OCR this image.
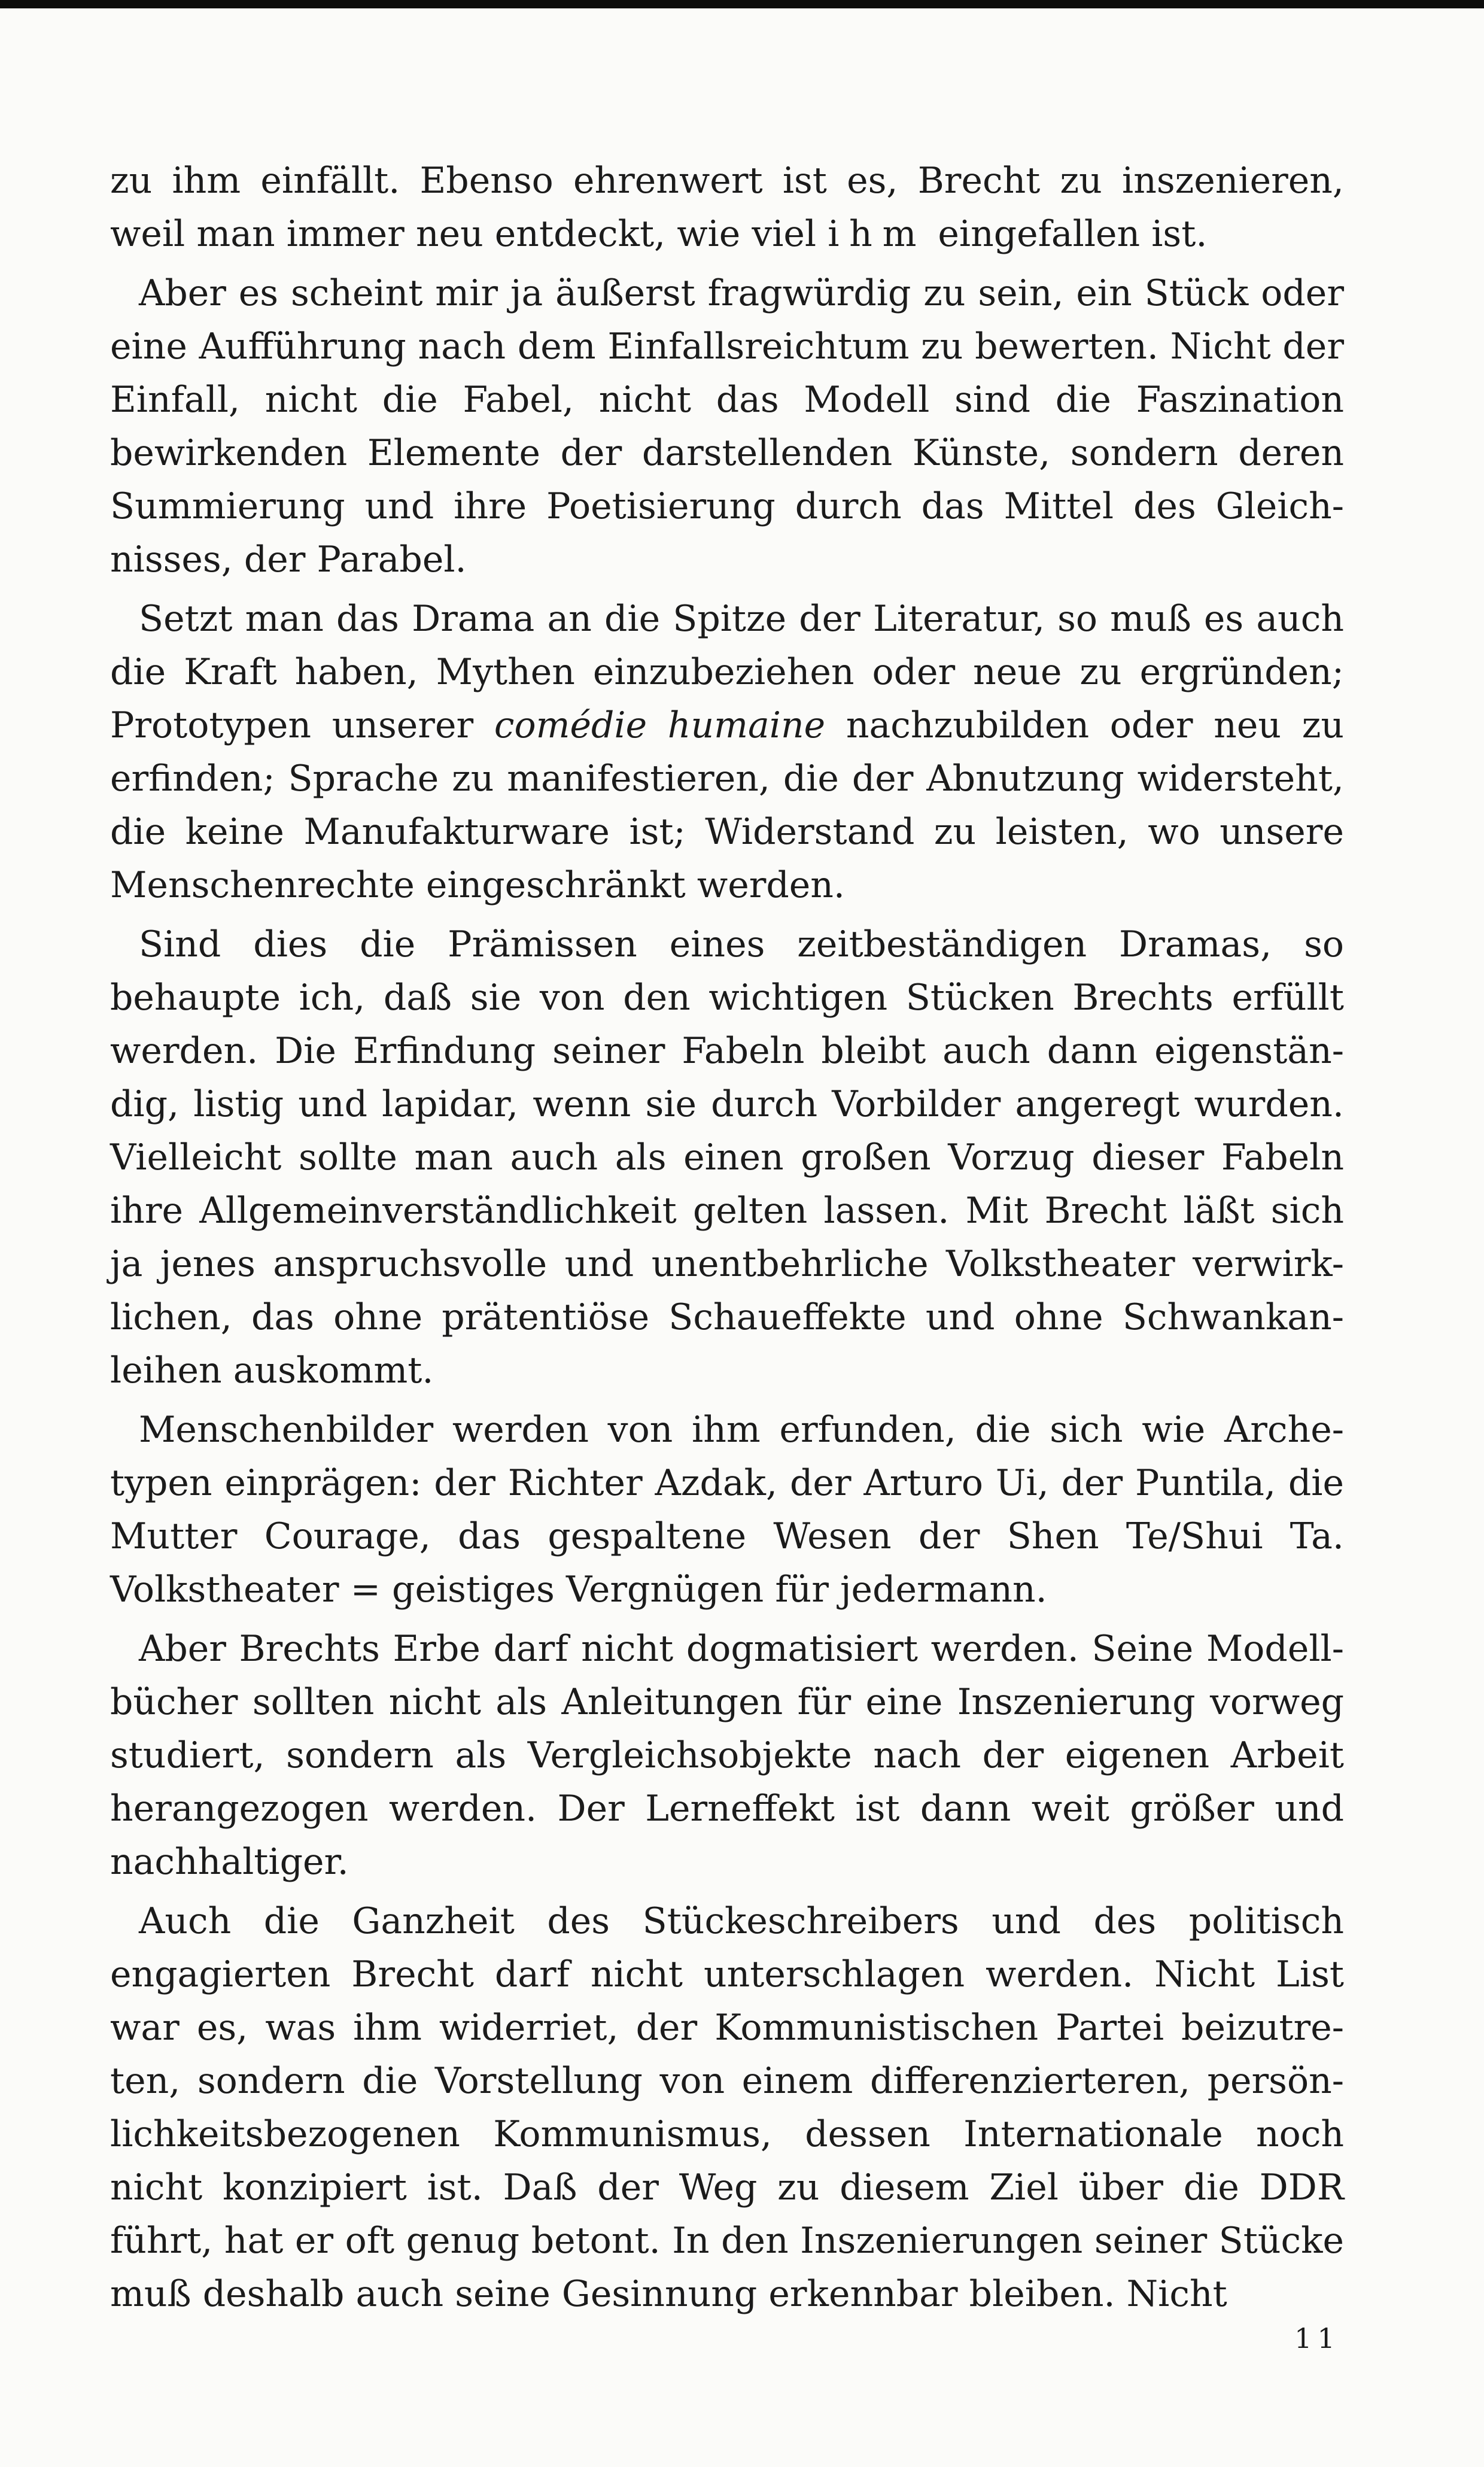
zu ihm einfällt. Ebenso ehrenwert ist es, Brecht zu inszenieren, weil man immer neu entdeckt, wie viel ihm eingefallen ist.

Aber es scheint mir ja äußerst fragwürdig zu sein, ein Stück oder eine Aufführung nach dem Einfallsreichtum zu bewerten. Nicht der Einfall, nicht die Fabel, nicht das Modell sind die Faszination bewirkenden Elemente der darstellenden Künste, sondern deren Summierung und ihre Poetisierung durch das Mittel des Gleich-nisses, der Parabel.

Setzt man das Drama an die Spitze der Literatur, so muß es auch die Kraft haben, Mythen einzubeziehen oder neue zu ergründen; Prototypen unserer comédie humaine nachzubilden oder neu zu erfinden; Sprache zu manifestieren, die der Abnutzung widersteht, die keine Manufakturware ist; Widerstand zu leisten, wo unsere Menschenrechte eingeschränkt werden.

Sind dies die Prämissen eines zeitbeständigen Dramas, so behaupte ich, daß sie von den wichtigen Stücken Brechts erfüllt werden. Die Erfindung seiner Fabeln bleibt auch dann eigenstän-dig, listig und lapidar, wenn sie durch Vorbilder angeregt wurden. Vielleicht sollte man auch als einen großen Vorzug dieser Fabeln ihre Allgemeinverständlichkeit gelten lassen. Mit Brecht läßt sich ja jenes anspruchsvolle und unentbehrliche Volkstheater verwirk-lichen, das ohne prätentiöse Schaueffekte und ohne Schwankan-leihen auskommt.

Menschenbilder werden von ihm erfunden, die sich wie Arche-typen einprägen: der Richter Azdak, der Arturo Ui, der Puntila, die Mutter Courage, das gespaltene Wesen der Shen Te/Shui Ta. Volkstheater = geistiges Vergnügen für jedermann.

Aber Brechts Erbe darf nicht dogmatisiert werden. Seine Modell-bücher sollten nicht als Anleitungen für eine Inszenierung vorweg studiert, sondern als Vergleichsobjekte nach der eigenen Arbeit herangezogen werden. Der Lerneffekt ist dann weit größer und nachhaltiger.

Auch die Ganzheit des Stückeschreibers und des politisch engagierten Brecht darf nicht unterschlagen werden. Nicht List war es, was ihm widerriet, der Kommunistischen Partei beizutre-ten, sondern die Vorstellung von einem differenzierteren, persön-lichkeitsbezogenen Kommunismus, dessen Internationale noch nicht konzipiert ist. Daß der Weg zu diesem Ziel über die DDR führt, hat er oft genug betont. In den Inszenierungen seiner Stücke muß deshalb auch seine Gesinnung erkennbar bleiben. Nicht

11
